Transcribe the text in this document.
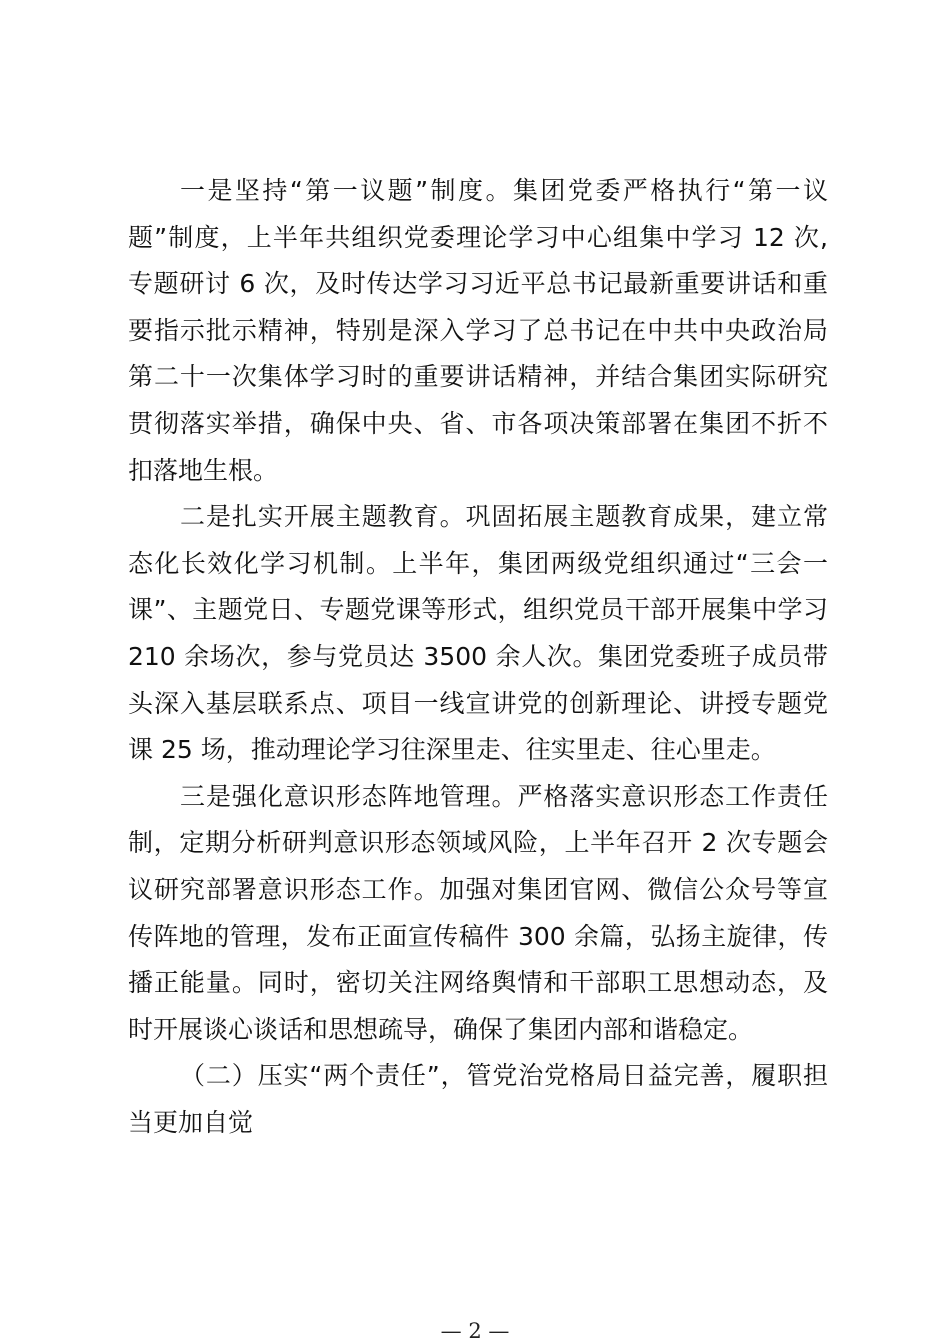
一是坚持“第一议题”制度。集团党委严格执行“第一议
题”制度，上半年共组织党委理论学习中心组集中学习 12 次,
专题研讨 6 次，及时传达学习习近平总书记最新重要讲话和重
要指示批示精神，特别是深入学习了总书记在中共中央政治局
第二十一次集体学习时的重要讲话精神，并结合集团实际研究
贯彻落实举措，确保中央、省、市各项决策部署在集团不折不
扣落地生根。
二是扎实开展主题教育。巩固拓展主题教育成果，建立常
态化长效化学习机制。上半年，集团两级党组织通过“三会一
课”、主题党日、专题党课等形式，组织党员干部开展集中学习
210 余场次，参与党员达 3500 余人次。集团党委班子成员带
头深入基层联系点、项目一线宣讲党的创新理论、讲授专题党
课 25 场，推动理论学习往深里走、往实里走、往心里走。
三是强化意识形态阵地管理。严格落实意识形态工作责任
制，定期分析研判意识形态领域风险，上半年召开 2 次专题会
议研究部署意识形态工作。加强对集团官网、微信公众号等宣
传阵地的管理，发布正面宣传稿件 300 余篇，弘扬主旋律，传
播正能量。同时，密切关注网络舆情和干部职工思想动态，及
时开展谈心谈话和思想疏导，确保了集团内部和谐稳定。
（二）压实“两个责任”，管党治党格局日益完善，履职担
当更加自觉
— 2 —
